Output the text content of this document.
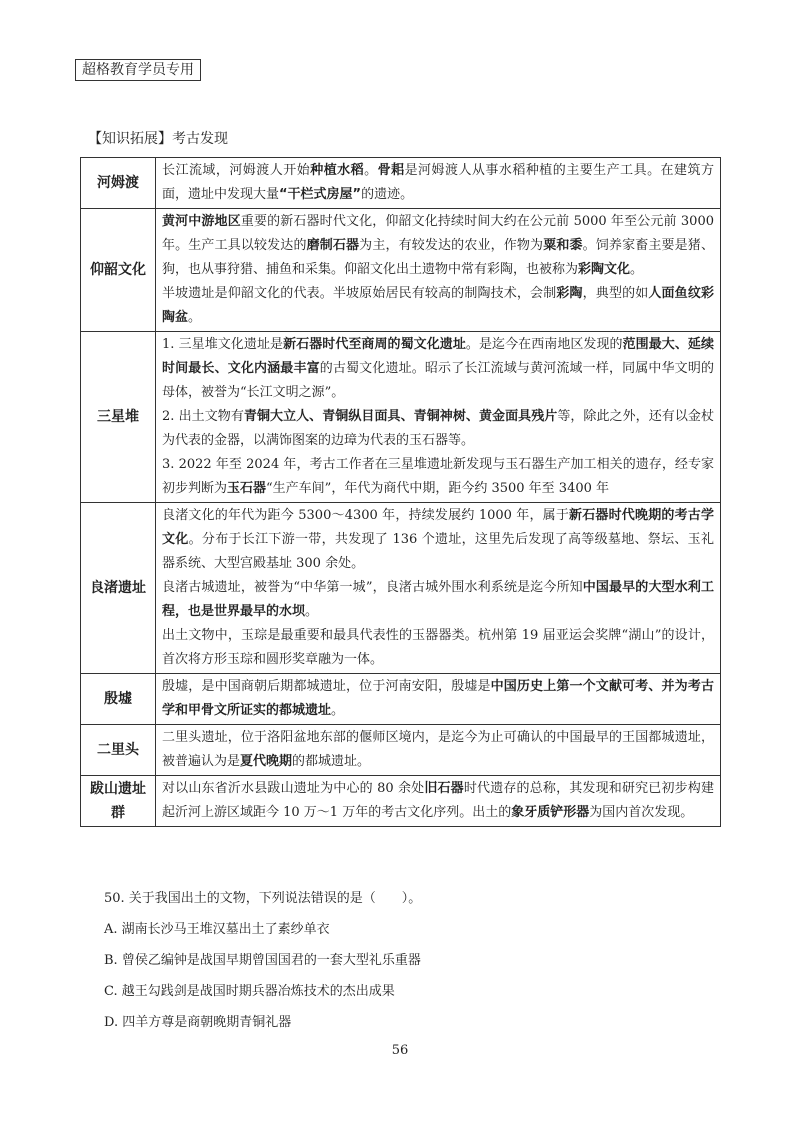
超格教育学员专用
【知识拓展】考古发现
河姆渡	长江流域，河姆渡人开始种植水稻。骨耜是河姆渡人从事水稻种植的主要生产工具。在建筑方面，遗址中发现大量“干栏式房屋”的遗迹。

仰韶文化	黄河中游地区重要的新石器时代文化，仰韶文化持续时间大约在公元前 5000 年至公元前 3000 年。生产工具以较发达的磨制石器为主，有较发达的农业，作物为粟和黍。饲养家畜主要是猪、狗，也从事狩猎、捕鱼和采集。仰韶文化出土遗物中常有彩陶，也被称为彩陶文化。

半坡遗址是仰韶文化的代表。半坡原始居民有较高的制陶技术，会制彩陶，典型的如人面鱼纹彩陶盆。

三星堆	1. 三星堆文化遗址是新石器时代至商周的蜀文化遗址。是迄今在西南地区发现的范围最大、延续时间最长、文化内涵最丰富的古蜀文化遗址。昭示了长江流域与黄河流域一样，同属中华文明的母体，被誉为“长江文明之源”。

2. 出土文物有青铜大立人、青铜纵目面具、青铜神树、黄金面具残片等，除此之外，还有以金杖为代表的金器，以满饰图案的边璋为代表的玉石器等。

3. 2022 年至 2024 年，考古工作者在三星堆遗址新发现与玉石器生产加工相关的遗存，经专家初步判断为玉石器“生产车间”，年代为商代中期，距今约 3500 年至 3400 年

良渚遗址	良渚文化的年代为距今 5300～4300 年，持续发展约 1000 年，属于新石器时代晚期的考古学文化。分布于长江下游一带，共发现了 136 个遗址，这里先后发现了高等级墓地、祭坛、玉礼器系统、大型宫殿基址 300 余处。

良渚古城遗址，被誉为“中华第一城”，良渚古城外围水利系统是迄今所知中国最早的大型水利工程，也是世界最早的水坝。

出土文物中，玉琮是最重要和最具代表性的玉器器类。杭州第 19 届亚运会奖牌“湖山”的设计，首次将方形玉琮和圆形奖章融为一体。

殷墟	殷墟，是中国商朝后期都城遗址，位于河南安阳，殷墟是中国历史上第一个文献可考、并为考古学和甲骨文所证实的都城遗址。

二里头	二里头遗址，位于洛阳盆地东部的偃师区境内，是迄今为止可确认的中国最早的王国都城遗址，被普遍认为是夏代晚期的都城遗址。

跋山遗址群	对以山东省沂水县跋山遗址为中心的 80 余处旧石器时代遗存的总称，其发现和研究已初步构建起沂河上游区域距今 10 万～1 万年的考古文化序列。出土的象牙质铲形器为国内首次发现。

50. 关于我国出土的文物，下列说法错误的是（　　）。

A. 湖南长沙马王堆汉墓出土了素纱单衣

B. 曾侯乙编钟是战国早期曾国国君的一套大型礼乐重器

C. 越王勾践剑是战国时期兵器冶炼技术的杰出成果

D. 四羊方尊是商朝晚期青铜礼器

56
